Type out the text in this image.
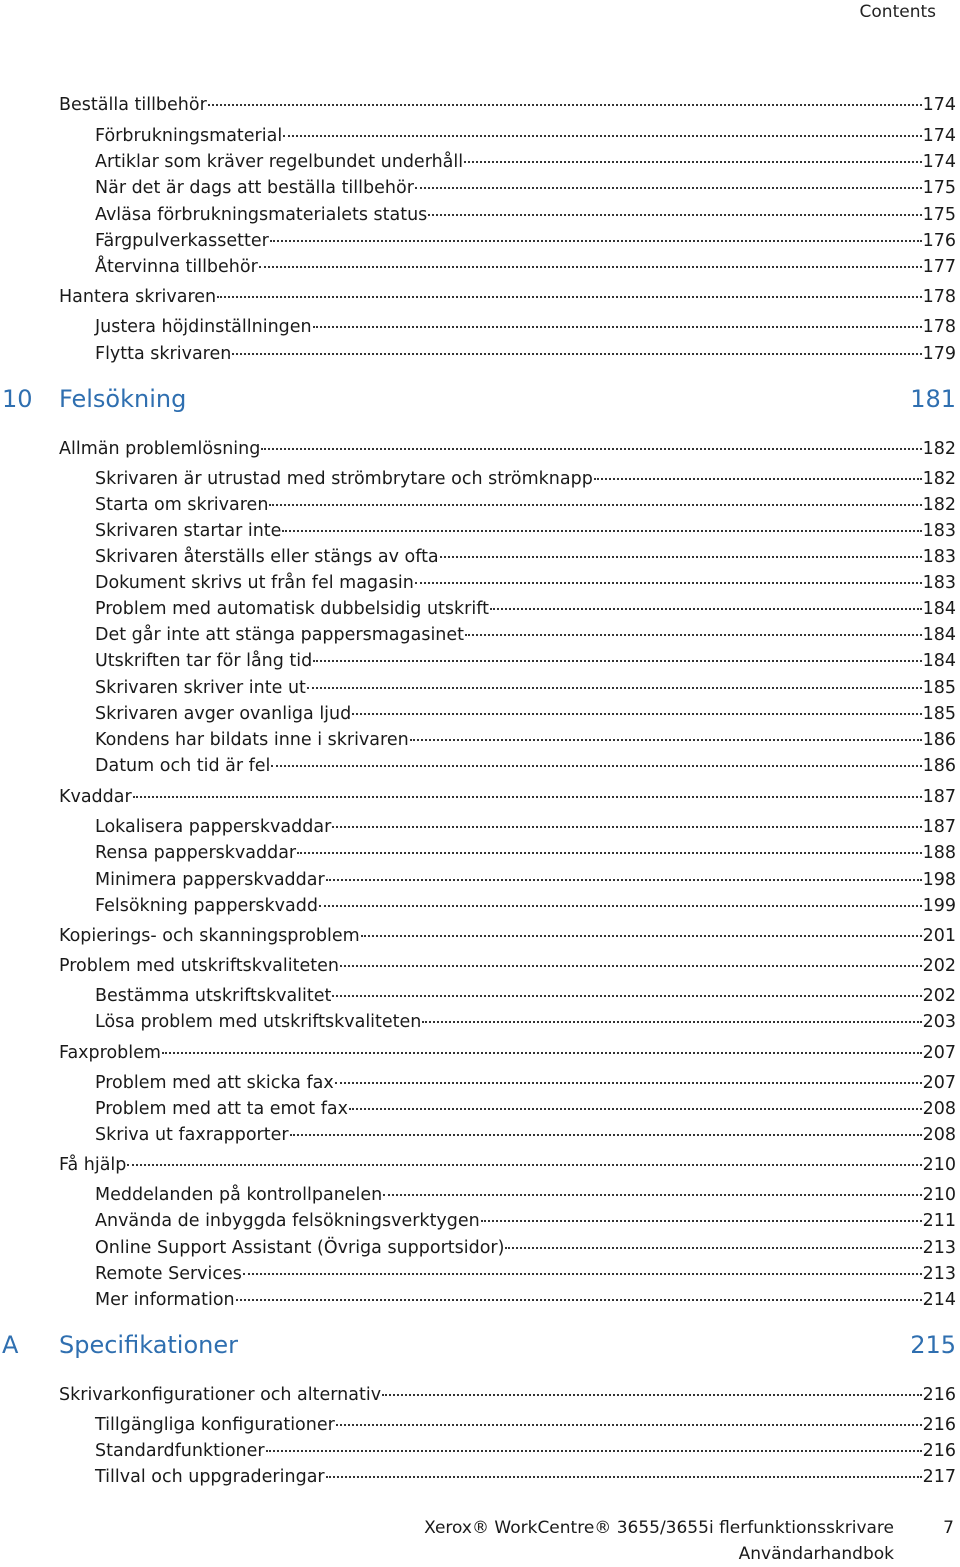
Contents
Beställa tillbehör	174
Förbrukningsmaterial	174
Artiklar som kräver regelbundet underhåll	174
När det är dags att beställa tillbehör	175
Avläsa förbrukningsmaterialets status	175
Färgpulverkassetter	176
Återvinna tillbehör	177
Hantera skrivaren	178
Justera höjdinställningen	178
Flytta skrivaren	179
10 Felsökning	181
Allmän problemlösning	182
Skrivaren är utrustad med strömbrytare och strömknapp	182
Starta om skrivaren	182
Skrivaren startar inte	183
Skrivaren återställs eller stängs av ofta	183
Dokument skrivs ut från fel magasin	183
Problem med automatisk dubbelsidig utskrift	184
Det går inte att stänga pappersmagasinet	184
Utskriften tar för lång tid	184
Skrivaren skriver inte ut	185
Skrivaren avger ovanliga ljud	185
Kondens har bildats inne i skrivaren	186
Datum och tid är fel	186
Kvaddar	187
Lokalisera papperskvaddar	187
Rensa papperskvaddar	188
Minimera papperskvaddar	198
Felsökning papperskvadd	199
Kopierings- och skanningsproblem	201
Problem med utskriftskvaliteten	202
Bestämma utskriftskvalitet	202
Lösa problem med utskriftskvaliteten	203
Faxproblem	207
Problem med att skicka fax	207
Problem med att ta emot fax	208
Skriva ut faxrapporter	208
Få hjälp	210
Meddelanden på kontrollpanelen	210
Använda de inbyggda felsökningsverktygen	211
Online Support Assistant (Övriga supportsidor)	213
Remote Services	213
Mer information	214
A Specifikationer	215
Skrivarkonfigurationer och alternativ	216
Tillgängliga konfigurationer	216
Standardfunktioner	216
Tillval och uppgraderingar	217
Xerox® WorkCentre® 3655/3655i flerfunktionsskrivare
Användarhandbok
7
